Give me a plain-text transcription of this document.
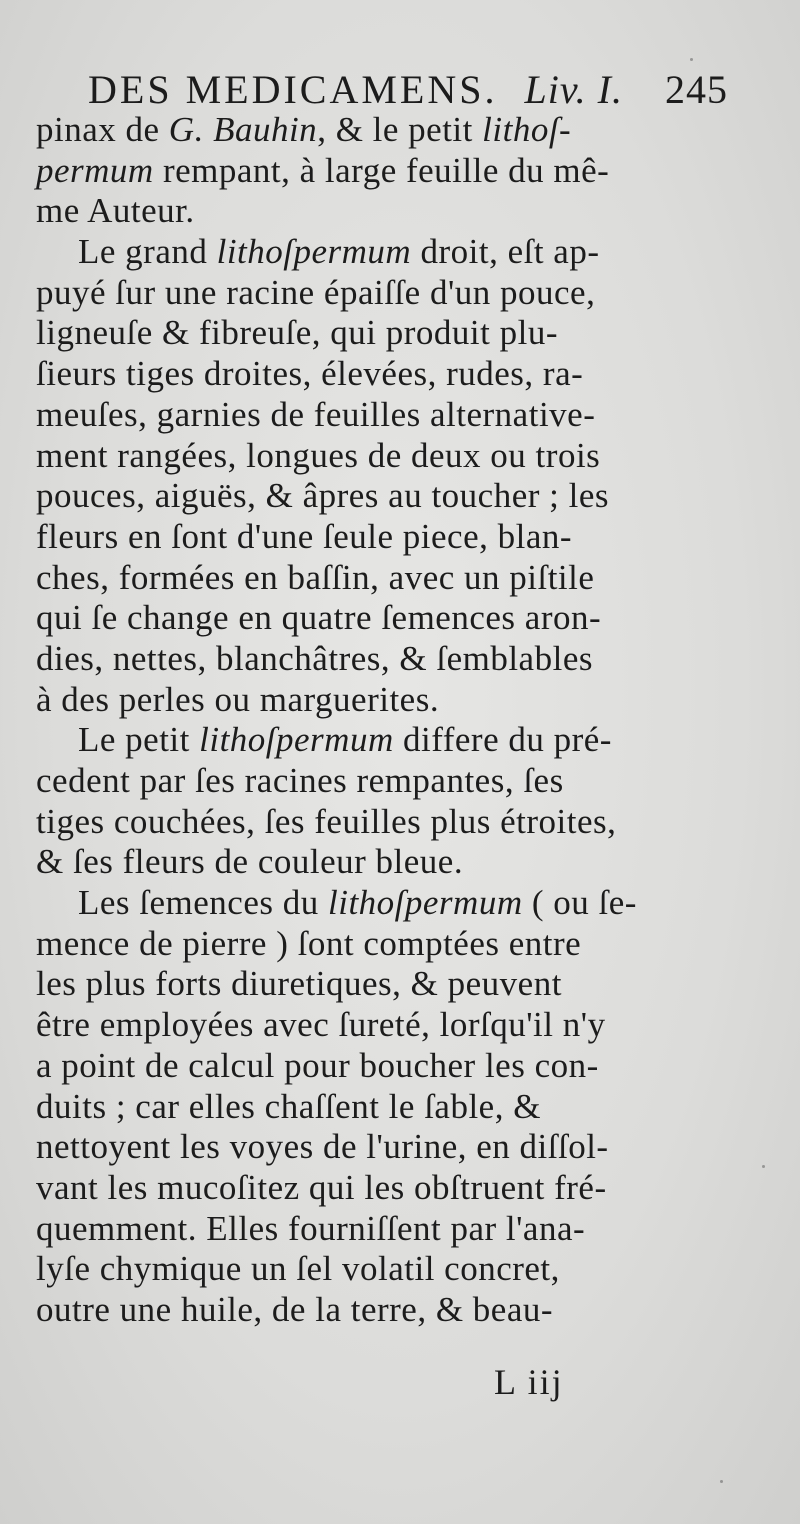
DES MEDICAMENS. Liv. I. 245
pinax de G. Bauhin, & le petit lithoſ-
permum rempant, à large feuille du mê-
me Auteur.
Le grand lithoſpermum droit, eſt ap-
puyé ſur une racine épaiſſe d'un pouce,
ligneuſe & fibreuſe, qui produit plu-
ſieurs tiges droites, élevées, rudes, ra-
meuſes, garnies de feuilles alternative-
ment rangées, longues de deux ou trois
pouces, aiguës, & âpres au toucher ; les
fleurs en ſont d'une ſeule piece, blan-
ches, formées en baſſin, avec un piſtile
qui ſe change en quatre ſemences aron-
dies, nettes, blanchâtres, & ſemblables
à des perles ou marguerites.
Le petit lithoſpermum differe du pré-
cedent par ſes racines rempantes, ſes
tiges couchées, ſes feuilles plus étroites,
& ſes fleurs de couleur bleue.
Les ſemences du lithoſpermum ( ou ſe-
mence de pierre ) ſont comptées entre
les plus forts diuretiques, & peuvent
être employées avec ſureté, lorſqu'il n'y
a point de calcul pour boucher les con-
duits ; car elles chaſſent le ſable, &
nettoyent les voyes de l'urine, en diſſol-
vant les mucoſitez qui les obſtruent fré-
quemment. Elles fourniſſent par l'ana-
lyſe chymique un ſel volatil concret,
outre une huile, de la terre, & beau-
L iij
